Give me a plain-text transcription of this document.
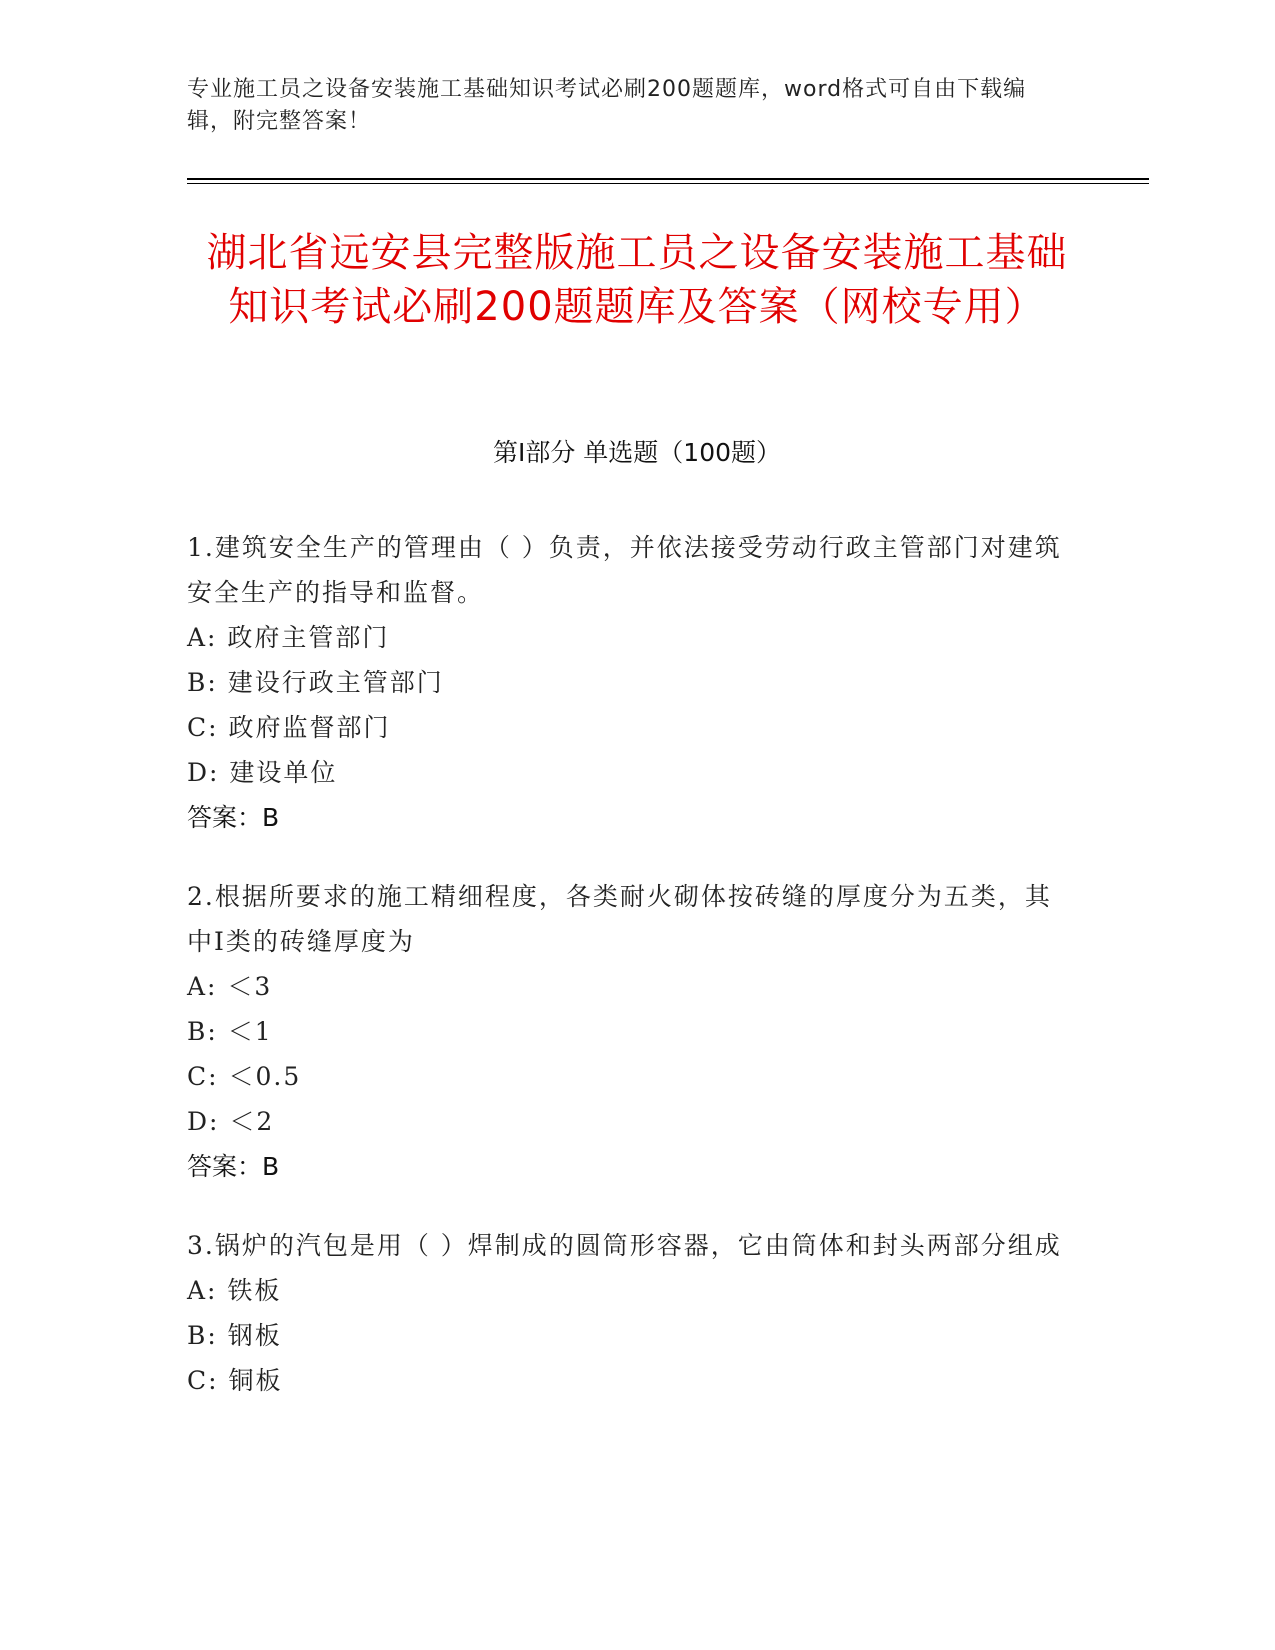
专业施工员之设备安装施工基础知识考试必刷200题题库，word格式可自由下载编辑，附完整答案！
湖北省远安县完整版施工员之设备安装施工基础知识考试必刷200题题库及答案（网校专用）
第I部分 单选题（100题）
1.建筑安全生产的管理由（ ）负责，并依法接受劳动行政主管部门对建筑安全生产的指导和监督。
A: 政府主管部门
B: 建设行政主管部门
C: 政府监督部门
D: 建设单位
答案：B
2.根据所要求的施工精细程度，各类耐火砌体按砖缝的厚度分为五类，其中Ⅰ类的砖缝厚度为
A: ＜3
B: ＜1
C: ＜0.5
D: ＜2
答案：B
3.锅炉的汽包是用（ ）焊制成的圆筒形容器，它由筒体和封头两部分组成
A: 铁板
B: 钢板
C: 铜板
